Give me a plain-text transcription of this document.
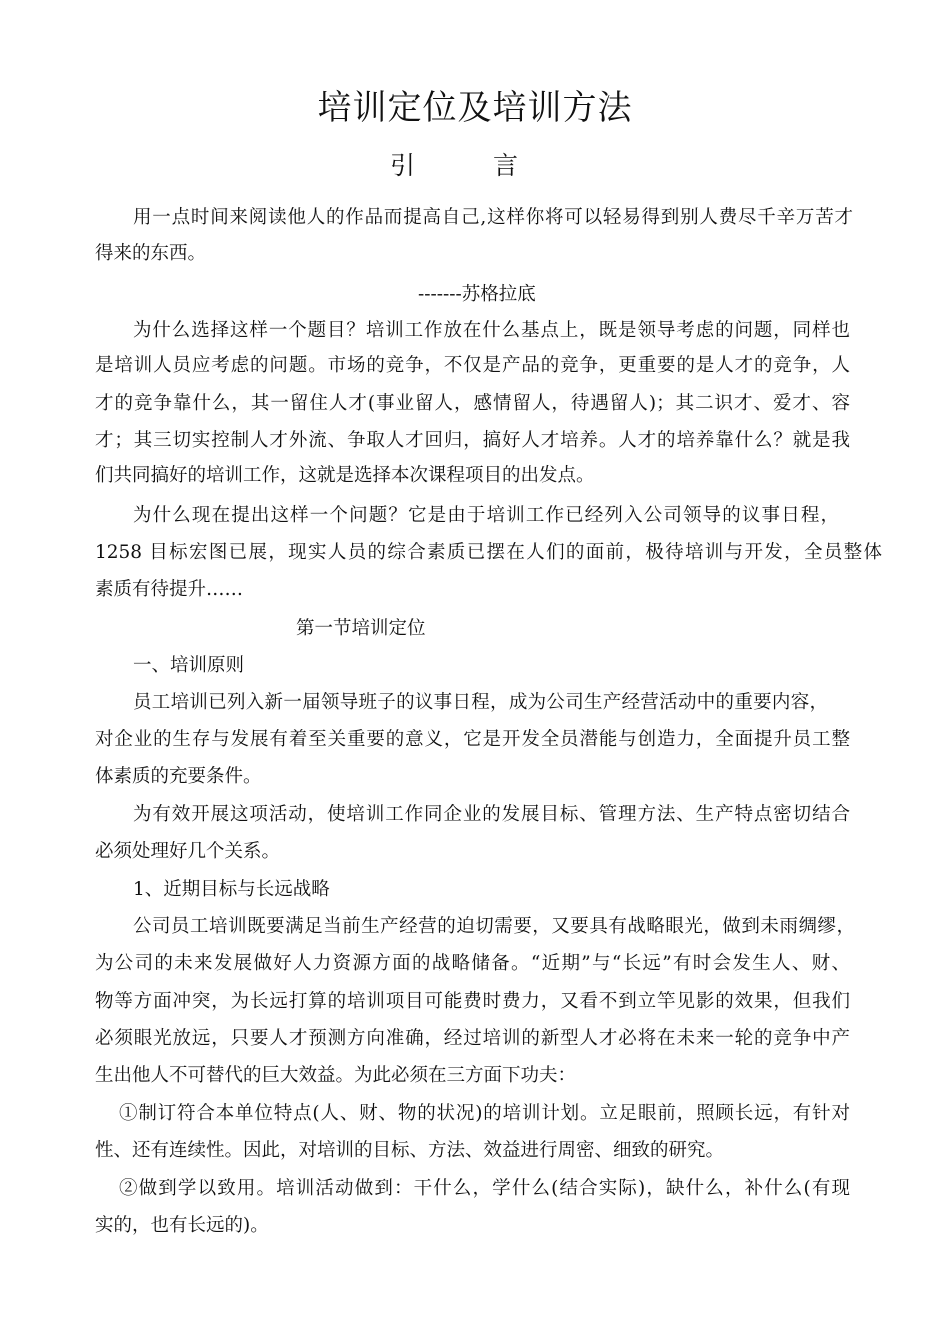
培训定位及培训方法
引	言
用一点时间来阅读他人的作品而提高自己,这样你将可以轻易得到别人费尽千辛万苦才
得来的东西。
-------苏格拉底
为什么选择这样一个题目？培训工作放在什么基点上，既是领导考虑的问题，同样也
是培训人员应考虑的问题。市场的竞争，不仅是产品的竞争，更重要的是人才的竞争，人
才的竞争靠什么，其一留住人才(事业留人，感情留人，待遇留人)；其二识才、爱才、容
才；其三切实控制人才外流、争取人才回归，搞好人才培养。人才的培养靠什么？就是我
们共同搞好的培训工作，这就是选择本次课程项目的出发点。
为什么现在提出这样一个问题？它是由于培训工作已经列入公司领导的议事日程，
1258 目标宏图已展，现实人员的综合素质已摆在人们的面前，极待培训与开发，全员整体
素质有待提升……
第一节培训定位
一、培训原则
员工培训已列入新一届领导班子的议事日程，成为公司生产经营活动中的重要内容，
对企业的生存与发展有着至关重要的意义，它是开发全员潜能与创造力，全面提升员工整
体素质的充要条件。
为有效开展这项活动，使培训工作同企业的发展目标、管理方法、生产特点密切结合
必须处理好几个关系。
1、近期目标与长远战略
公司员工培训既要满足当前生产经营的迫切需要，又要具有战略眼光，做到未雨绸缪，
为公司的未来发展做好人力资源方面的战略储备。“近期”与“长远”有时会发生人、财、
物等方面冲突，为长远打算的培训项目可能费时费力，又看不到立竿见影的效果，但我们
必须眼光放远，只要人才预测方向准确，经过培训的新型人才必将在未来一轮的竞争中产
生出他人不可替代的巨大效益。为此必须在三方面下功夫：
①制订符合本单位特点(人、财、物的状况)的培训计划。立足眼前，照顾长远，有针对
性、还有连续性。因此，对培训的目标、方法、效益进行周密、细致的研究。
②做到学以致用。培训活动做到：干什么，学什么(结合实际)，缺什么，补什么(有现
实的，也有长远的)。
